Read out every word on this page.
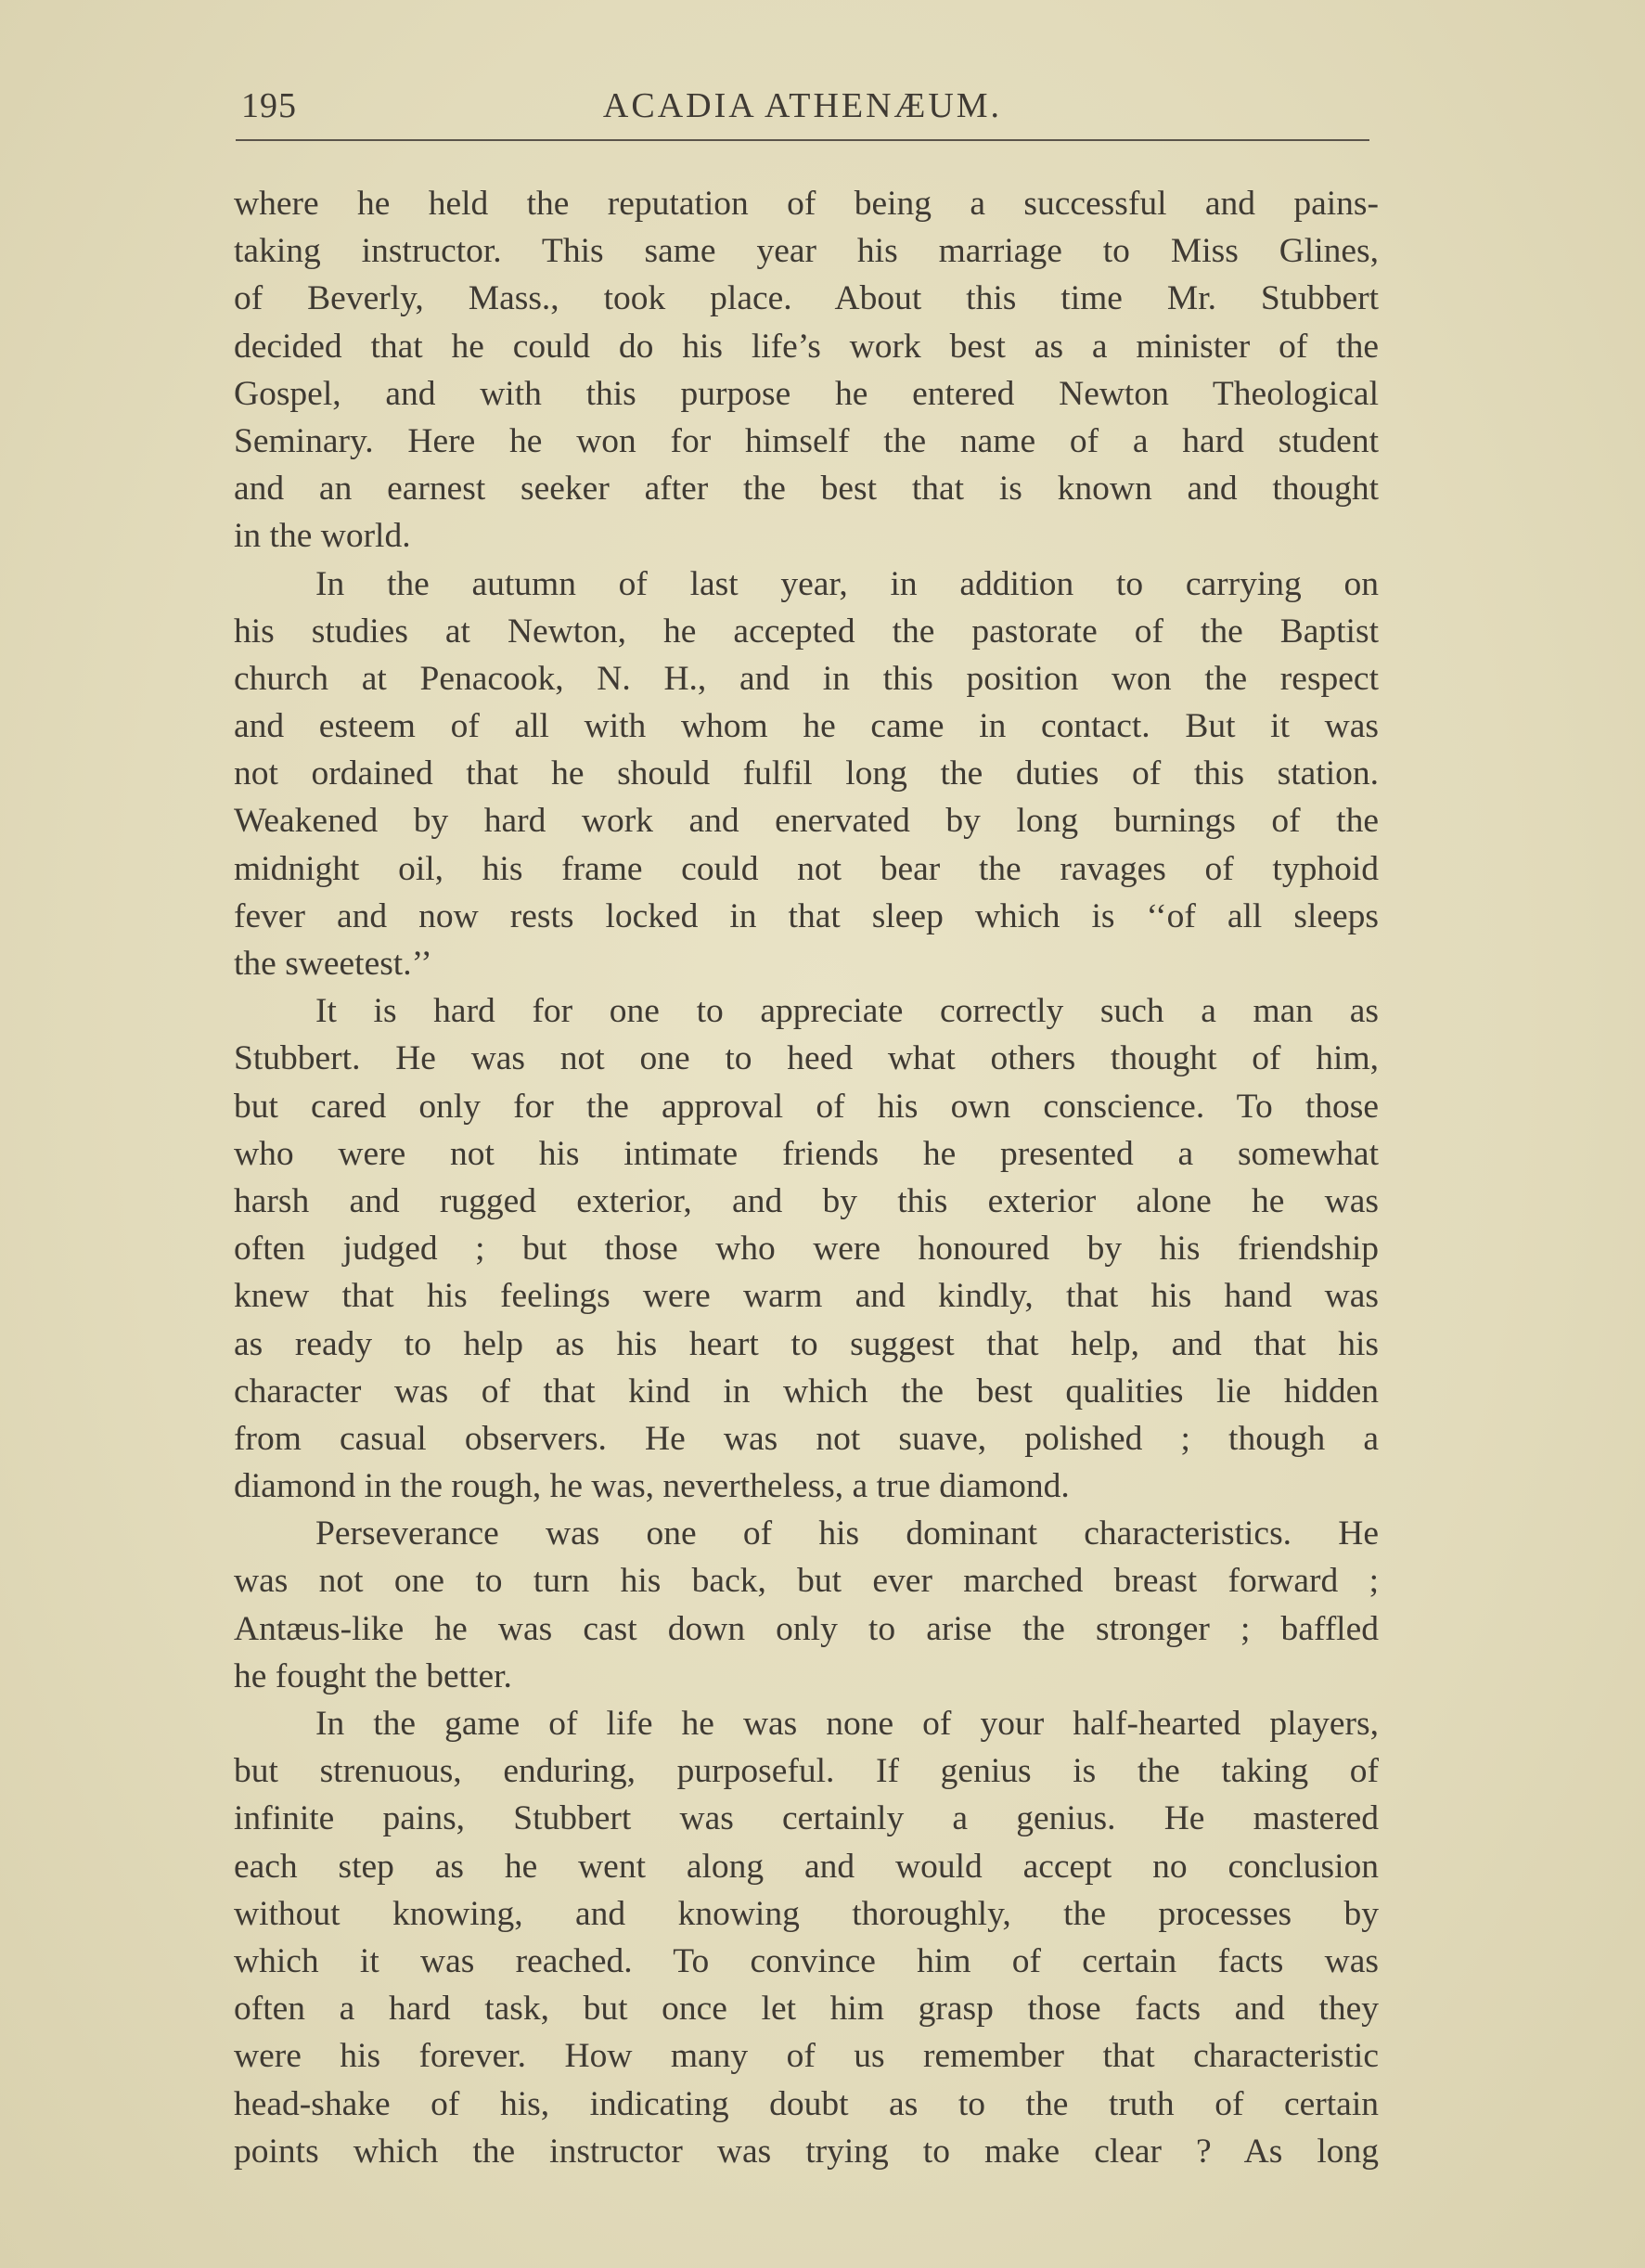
195	ACADIA ATHENÆUM.
where he held the reputation of being a successful and pains-
taking instructor. This same year his marriage to Miss Glines,
of Beverly, Mass., took place. About this time Mr. Stubbert
decided that he could do his life’s work best as a minister of the
Gospel, and with this purpose he entered Newton Theological
Seminary. Here he won for himself the name of a hard student
and an earnest seeker after the best that is known and thought
in the world.
In the autumn of last year, in addition to carrying on
his studies at Newton, he accepted the pastorate of the Baptist
church at Penacook, N. H., and in this position won the respect
and esteem of all with whom he came in contact. But it was
not ordained that he should fulfil long the duties of this station.
Weakened by hard work and enervated by long burnings of the
midnight oil, his frame could not bear the ravages of typhoid
fever and now rests locked in that sleep which is ‘‘of all sleeps
the sweetest.’’
It is hard for one to appreciate correctly such a man as
Stubbert. He was not one to heed what others thought of him,
but cared only for the approval of his own conscience. To those
who were not his intimate friends he presented a somewhat
harsh and rugged exterior, and by this exterior alone he was
often judged ; but those who were honoured by his friendship
knew that his feelings were warm and kindly, that his hand was
as ready to help as his heart to suggest that help, and that his
character was of that kind in which the best qualities lie hidden
from casual observers. He was not suave, polished ; though a
diamond in the rough, he was, nevertheless, a true diamond.
Perseverance was one of his dominant characteristics. He
was not one to turn his back, but ever marched breast forward ;
Antæus-like he was cast down only to arise the stronger ; baffled
he fought the better.
In the game of life he was none of your half-hearted players,
but strenuous, enduring, purposeful. If genius is the taking of
infinite pains, Stubbert was certainly a genius. He mastered
each step as he went along and would accept no conclusion
without knowing, and knowing thoroughly, the processes by
which it was reached. To convince him of certain facts was
often a hard task, but once let him grasp those facts and they
were his forever. How many of us remember that characteristic
head-shake of his, indicating doubt as to the truth of certain
points which the instructor was trying to make clear ? As long
